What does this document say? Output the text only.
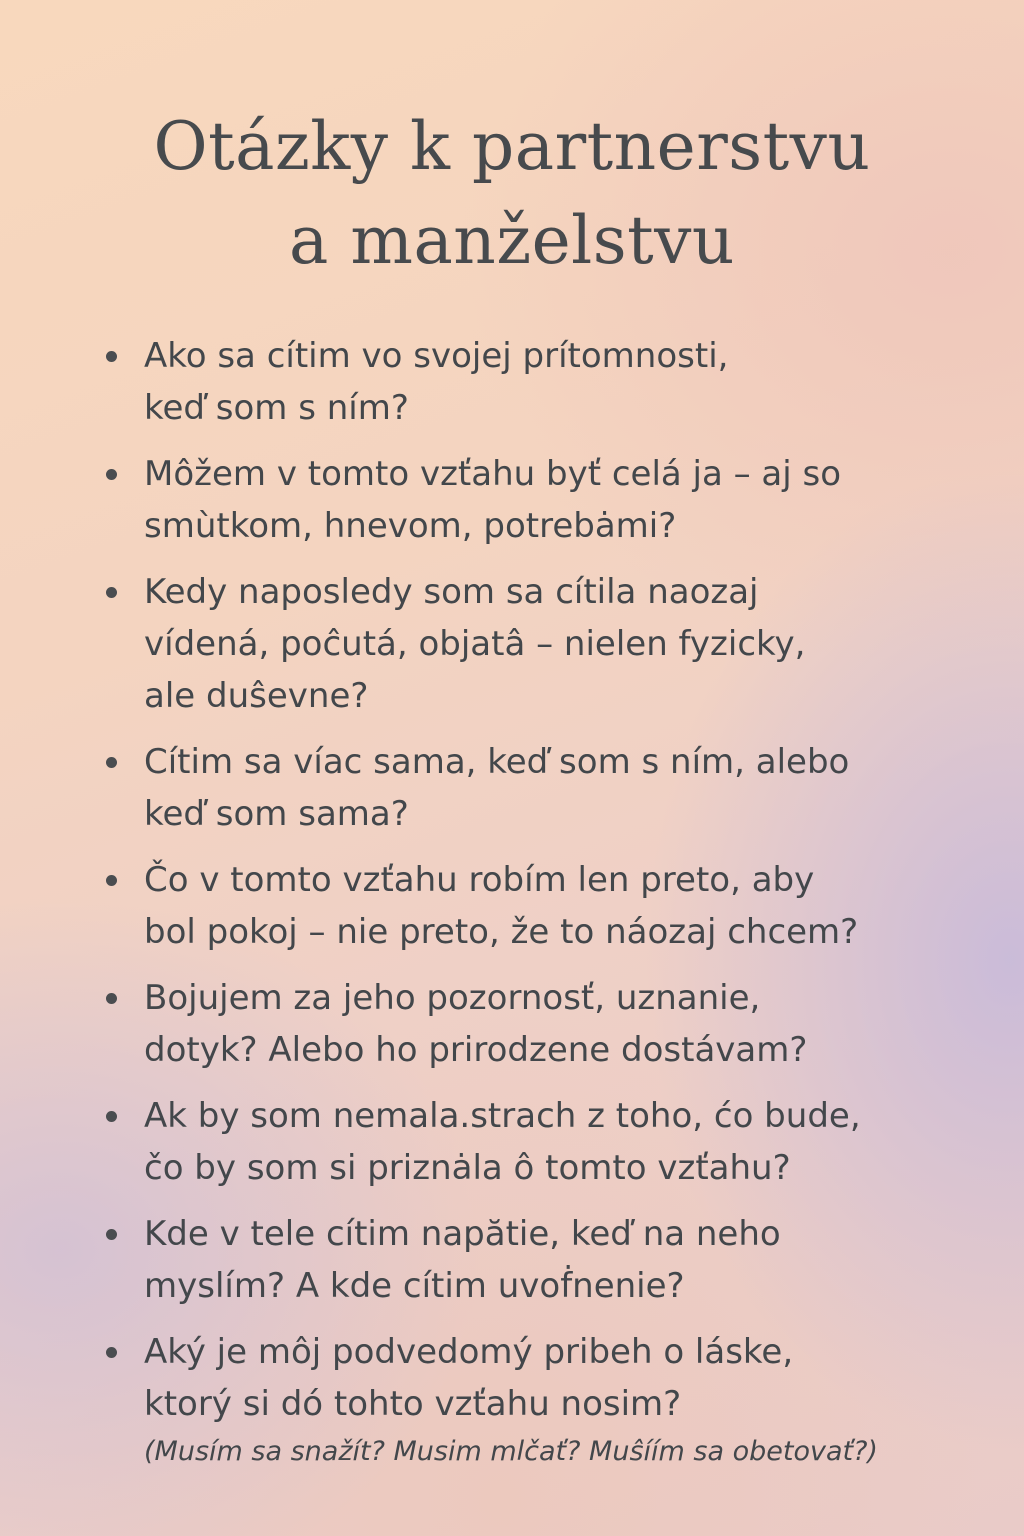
Otázky k partnerstvu
a manželstvu
Ako sa cítim vo svojej prítomnosti,
keď som s ním?
Môžem v tomto vzťahu byť celá ja – aj so
smùtkom, hnevom, potrebȧmi?
Kedy naposledy som sa cítila naozaj
vídená, poĉutá, objatâ – nielen fyzicky,
ale duŝevne?
Cítim sa víac sama, keď som s ním, alebo
keď som sama?
Čo v tomto vzťahu robím len preto, aby
bol pokoj – nie preto, že to náozaj chcem?
Bojujem za jeho pozornosť, uznanie,
dotyk? Alebo ho prirodzene dostávam?
Ak by som nemala.strach z toho, ćo bude,
čo by som si priznȧla ô tomto vzťahu?
Kde v tele cítim napătie, keď na neho
myslím? A kde cítim uvoḟnenie?
Aký je môj podvedomý pribeh o láske,
ktorý si dó tohto vzťahu nosim?
(Musím sa snažít? Musim mlčať? Muŝíím sa obetovať?)
